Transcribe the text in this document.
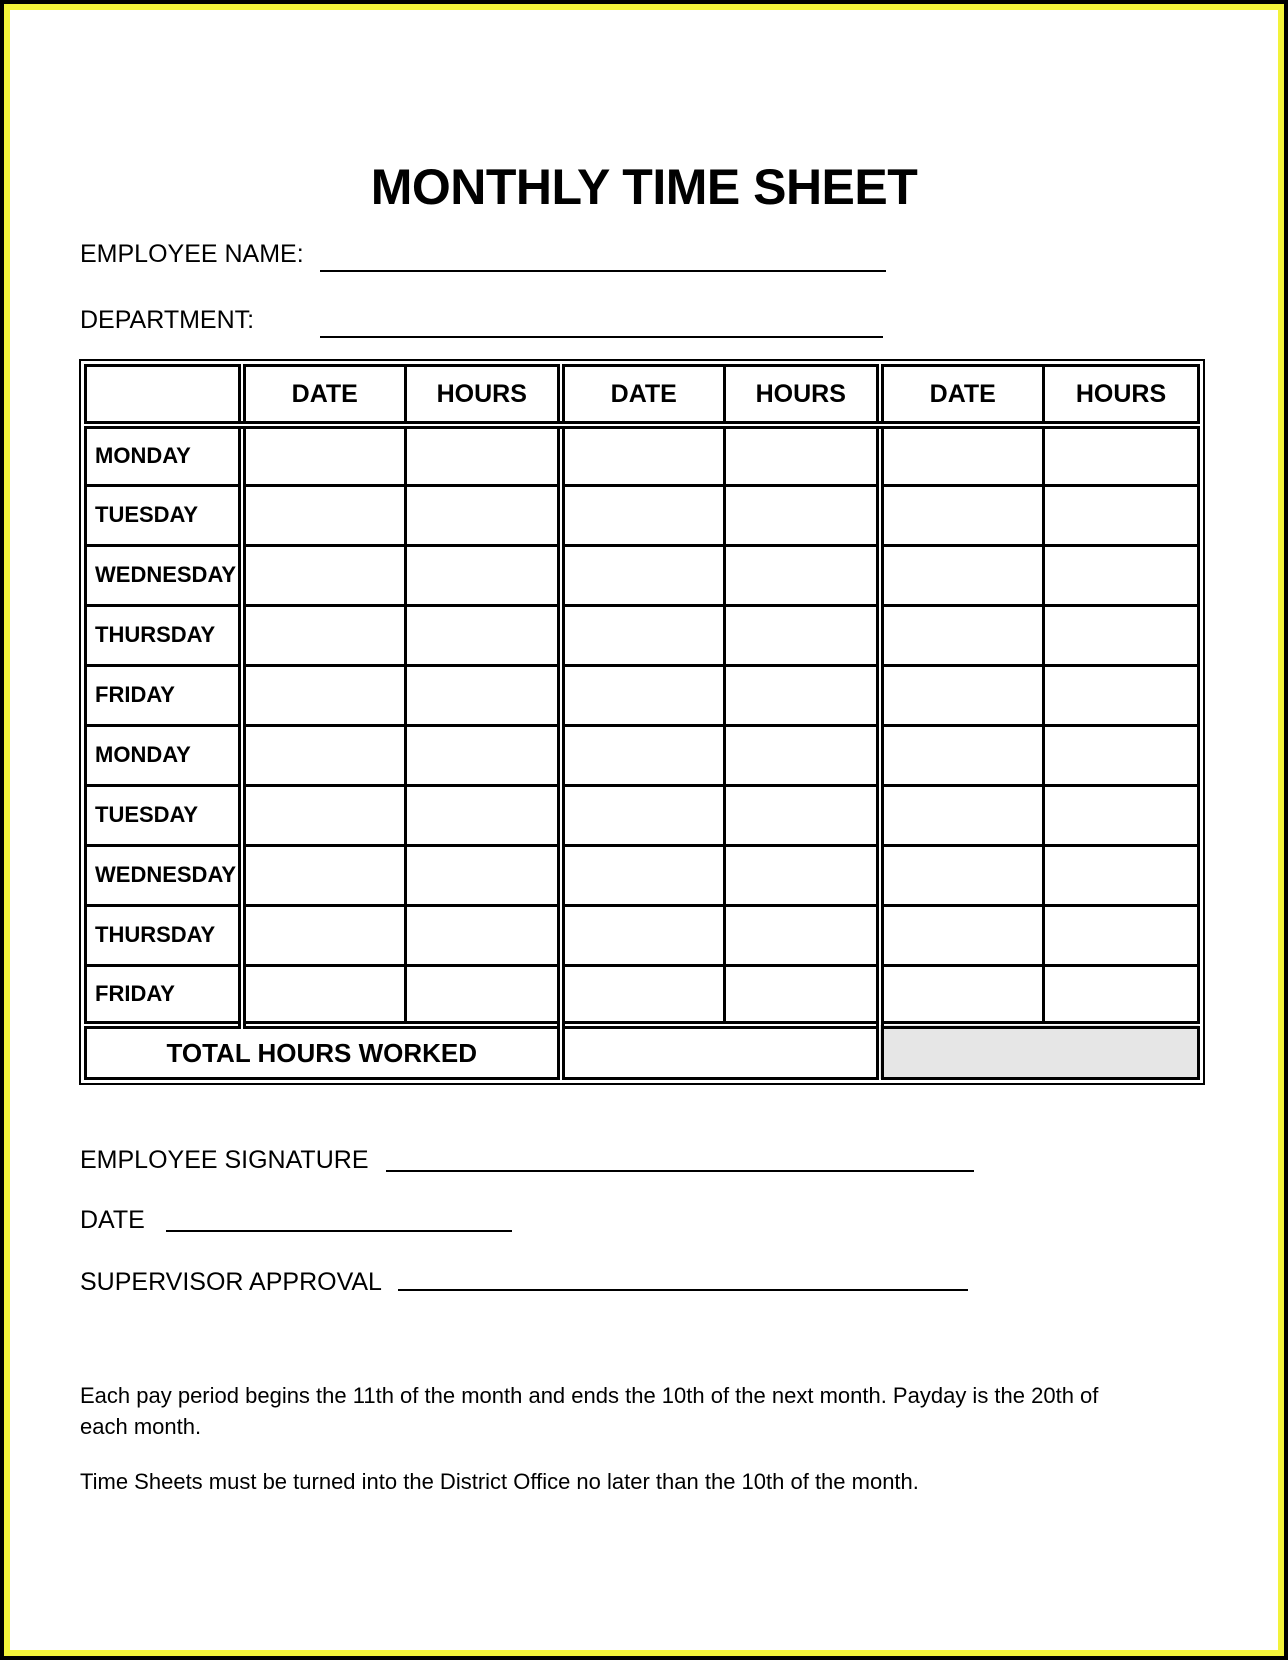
MONTHLY TIME SHEET
EMPLOYEE NAME:
DEPARTMENT:
	DATE	HOURS	DATE	HOURS	DATE	HOURS
MONDAY						
TUESDAY						
WEDNESDAY						
THURSDAY						
FRIDAY						
MONDAY						
TUESDAY						
WEDNESDAY						
THURSDAY						
FRIDAY						
TOTAL HOURS WORKED						
EMPLOYEE SIGNATURE
DATE
SUPERVISOR APPROVAL
Each pay period begins the 11th of the month and ends the 10th of the next month. Payday is the 20th of each month.
Time Sheets must be turned into the District Office no later than the 10th of the month.
